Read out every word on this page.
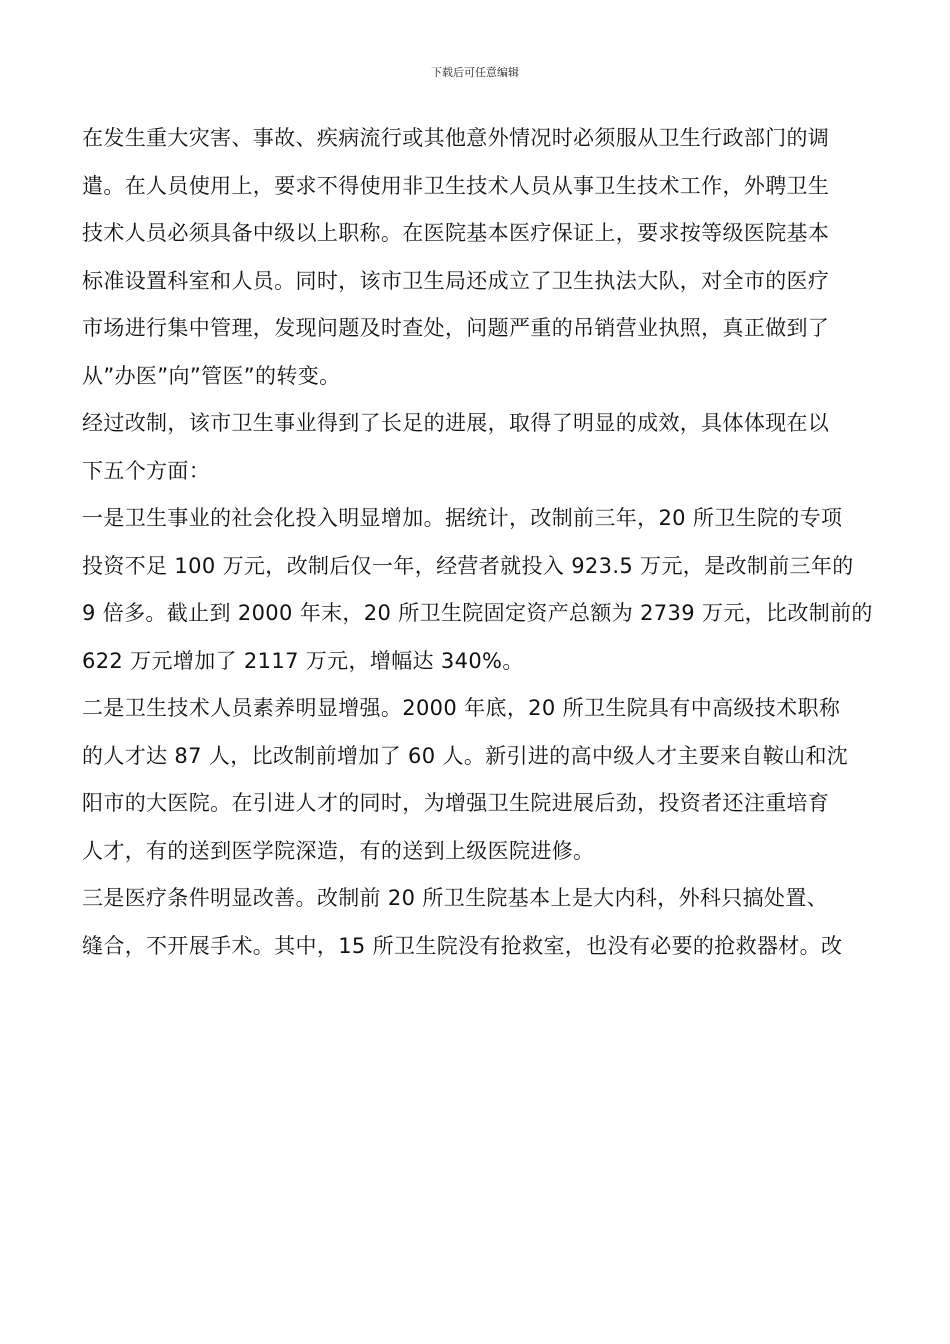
下载后可任意编辑
在发生重大灾害、事故、疾病流行或其他意外情况时必须服从卫生行政部门的调
遣。在人员使用上，要求不得使用非卫生技术人员从事卫生技术工作，外聘卫生
技术人员必须具备中级以上职称。在医院基本医疗保证上，要求按等级医院基本
标准设置科室和人员。同时，该市卫生局还成立了卫生执法大队，对全市的医疗
市场进行集中管理，发现问题及时查处，问题严重的吊销营业执照，真正做到了
从”办医”向”管医”的转变。
经过改制，该市卫生事业得到了长足的进展，取得了明显的成效，具体体现在以
下五个方面：
一是卫生事业的社会化投入明显增加。据统计，改制前三年，20 所卫生院的专项
投资不足 100 万元，改制后仅一年，经营者就投入 923.5 万元，是改制前三年的
9 倍多。截止到 2000 年末，20 所卫生院固定资产总额为 2739 万元，比改制前的
622 万元增加了 2117 万元，增幅达 340%。
二是卫生技术人员素养明显增强。2000 年底，20 所卫生院具有中高级技术职称
的人才达 87 人，比改制前增加了 60 人。新引进的高中级人才主要来自鞍山和沈
阳市的大医院。在引进人才的同时，为增强卫生院进展后劲，投资者还注重培育
人才，有的送到医学院深造，有的送到上级医院进修。
三是医疗条件明显改善。改制前 20 所卫生院基本上是大内科，外科只搞处置、
缝合，不开展手术。其中，15 所卫生院没有抢救室，也没有必要的抢救器材。改
